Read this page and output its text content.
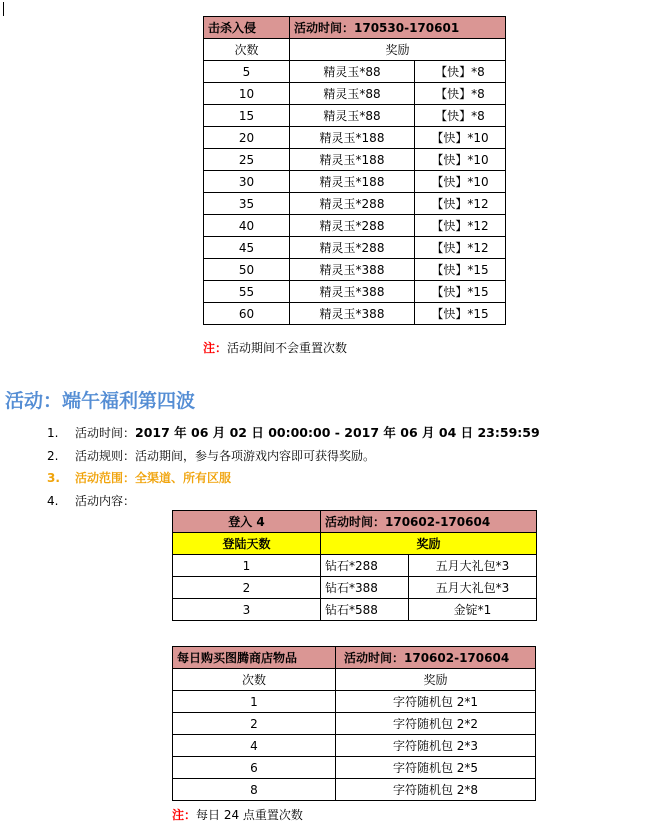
击杀入侵	活动时间：170530-170601	
次数	奖励	
5	精灵玉*88	【快】*8
10	精灵玉*88	【快】*8
15	精灵玉*88	【快】*8
20	精灵玉*188	【快】*10
25	精灵玉*188	【快】*10
30	精灵玉*188	【快】*10
35	精灵玉*288	【快】*12
40	精灵玉*288	【快】*12
45	精灵玉*288	【快】*12
50	精灵玉*388	【快】*15
55	精灵玉*388	【快】*15
60	精灵玉*388	【快】*15
注：活动期间不会重置次数
活动：端午福利第四波
1. 活动时间：2017 年 06 月 02 日 00:00:00 - 2017 年 06 月 04 日 23:59:59
2. 活动规则：活动期间，参与各项游戏内容即可获得奖励。
3. 活动范围：全渠道、所有区服
4. 活动内容：
登入 4	活动时间：170602-170604	
登陆天数	奖励	
1	钻石*288	五月大礼包*3
2	钻石*388	五月大礼包*3
3	钻石*588	金锭*1
每日购买图腾商店物品	活动时间：170602-170604
次数	奖励
1	字符随机包 2*1
2	字符随机包 2*2
4	字符随机包 2*3
6	字符随机包 2*5
8	字符随机包 2*8
注：每日 24 点重置次数
